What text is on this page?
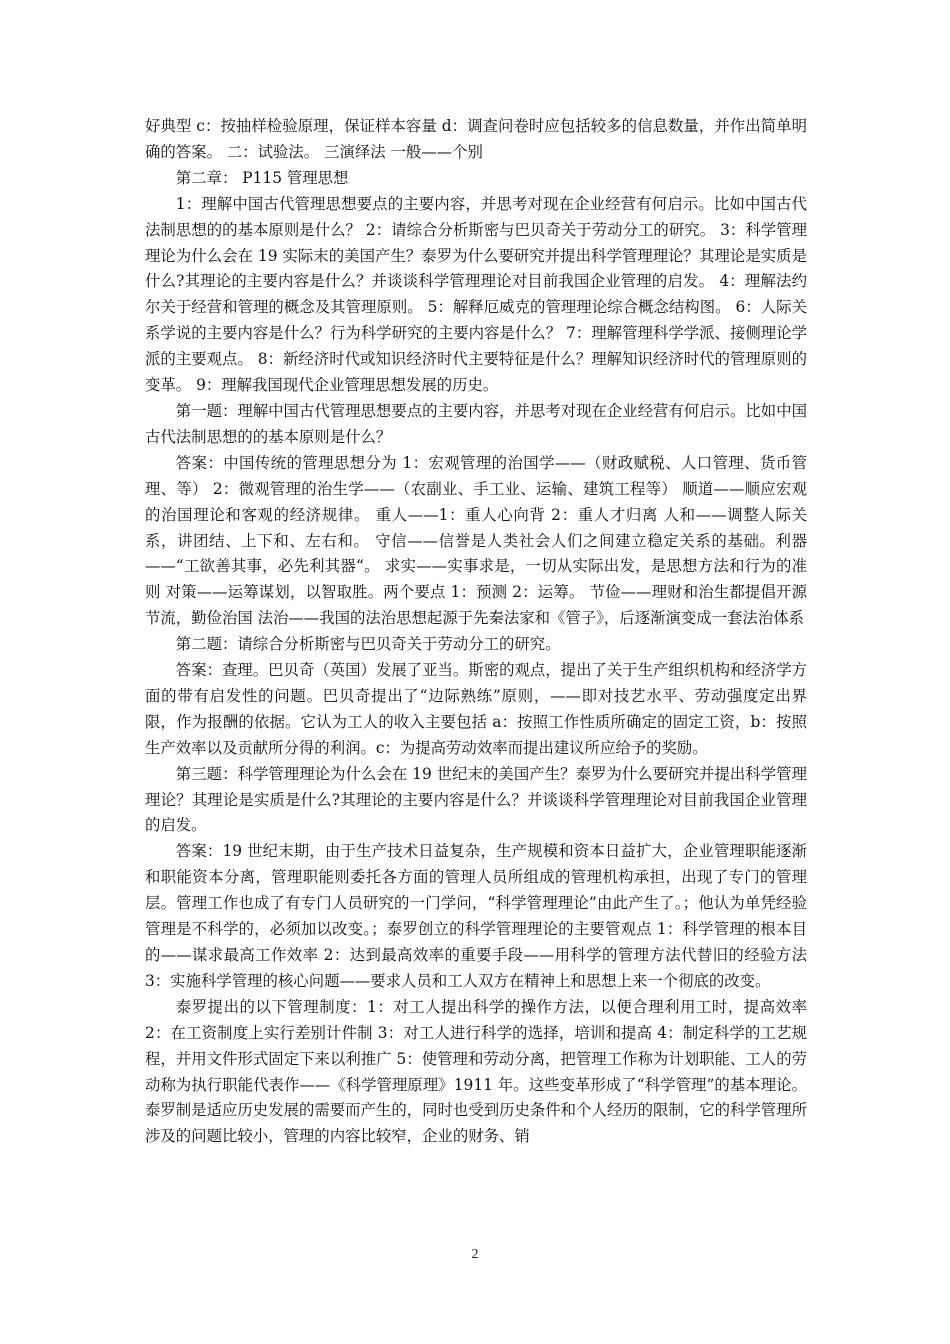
好典型 c：按抽样检验原理，保证样本容量 d：调查问卷时应包括较多的信息数量，并作出简单明确的答案。 二：试验法。 三演绎法 一般——个别

第二章： P115 管理思想

1：理解中国古代管理思想要点的主要内容，并思考对现在企业经营有何启示。比如中国古代法制思想的的基本原则是什么？ 2：请综合分析斯密与巴贝奇关于劳动分工的研究。 3：科学管理理论为什么会在 19 实际末的美国产生？泰罗为什么要研究并提出科学管理理论？其理论是实质是什么?其理论的主要内容是什么？并谈谈科学管理理论对目前我国企业管理的启发。 4：理解法约尔关于经营和管理的概念及其管理原则。 5：解释厄威克的管理理论综合概念结构图。 6：人际关系学说的主要内容是什么？行为科学研究的主要内容是什么？ 7：理解管理科学学派、接侧理论学派的主要观点。 8：新经济时代或知识经济时代主要特征是什么？理解知识经济时代的管理原则的变革。 9：理解我国现代企业管理思想发展的历史。

第一题：理解中国古代管理思想要点的主要内容，并思考对现在企业经营有何启示。比如中国古代法制思想的的基本原则是什么？

答案：中国传统的管理思想分为 1：宏观管理的治国学——（财政赋税、人口管理、货币管理、等） 2：微观管理的治生学——（农副业、手工业、运输、建筑工程等） 顺道——顺应宏观的治国理论和客观的经济规律。 重人——1：重人心向背 2：重人才归离 人和——调整人际关系，讲团结、上下和、左右和。 守信——信誉是人类社会人们之间建立稳定关系的基础。利器——“工欲善其事，必先利其器“。 求实——实事求是，一切从实际出发，是思想方法和行为的准则 对策——运筹谋划，以智取胜。两个要点 1：预测 2：运筹。 节俭——理财和治生都提倡开源节流，勤俭治国 法治——我国的法治思想起源于先秦法家和《管子》，后逐渐演变成一套法治体系

第二题：请综合分析斯密与巴贝奇关于劳动分工的研究。

答案：查理。巴贝奇（英国）发展了亚当。斯密的观点，提出了关于生产组织机构和经济学方面的带有启发性的问题。巴贝奇提出了“边际熟练”原则，——即对技艺水平、劳动强度定出界限，作为报酬的依据。它认为工人的收入主要包括 a：按照工作性质所确定的固定工资，b：按照生产效率以及贡献所分得的利润。c：为提高劳动效率而提出建议所应给予的奖励。

第三题：科学管理理论为什么会在 19 世纪末的美国产生？泰罗为什么要研究并提出科学管理理论？其理论是实质是什么?其理论的主要内容是什么？并谈谈科学管理理论对目前我国企业管理的启发。

答案：19 世纪末期，由于生产技术日益复杂，生产规模和资本日益扩大，企业管理职能逐渐和职能资本分离，管理职能则委托各方面的管理人员所组成的管理机构承担，出现了专门的管理层。管理工作也成了有专门人员研究的一门学问，“科学管理理论”由此产生了。；他认为单凭经验管理是不科学的，必须加以改变。；泰罗创立的科学管理理论的主要管观点 1：科学管理的根本目的——谋求最高工作效率 2：达到最高效率的重要手段——用科学的管理方法代替旧的经验方法 3：实施科学管理的核心问题——要求人员和工人双方在精神上和思想上来一个彻底的改变。

泰罗提出的以下管理制度：1：对工人提出科学的操作方法，以便合理利用工时，提高效率 2：在工资制度上实行差别计件制 3：对工人进行科学的选择，培训和提高 4：制定科学的工艺规程，并用文件形式固定下来以利推广 5：使管理和劳动分离，把管理工作称为计划职能、工人的劳动称为执行职能代表作——《科学管理原理》1911 年。这些变革形成了“科学管理”的基本理论。泰罗制是适应历史发展的需要而产生的，同时也受到历史条件和个人经历的限制，它的科学管理所涉及的问题比较小，管理的内容比较窄，企业的财务、销

2
